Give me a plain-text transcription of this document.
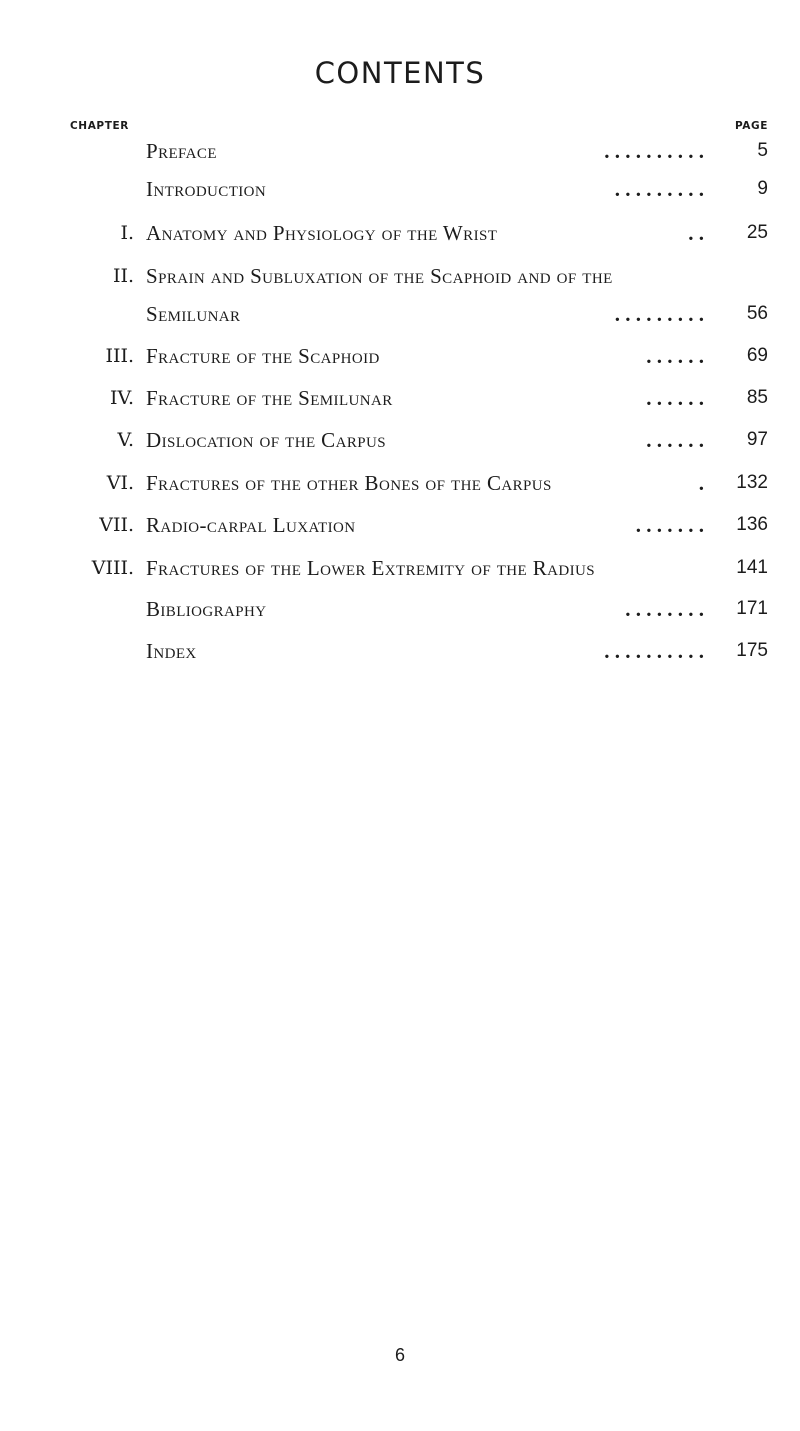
CONTENTS
CHAPTER	PAGE
Preface	. . . . . . . . . .	5
Introduction	. . . . . . . . .	9
I. Anatomy and Physiology of the Wrist	. .	25
II. Sprain and Subluxation of the Scaphoid and of the
Semilunar	. . . . . . . . .	56
III. Fracture of the Scaphoid	. . . . . .	69
IV. Fracture of the Semilunar	. . . . . .	85
V. Dislocation of the Carpus	. . . . . .	97
VI. Fractures of the other Bones of the Carpus	.	132
VII. Radio-carpal Luxation	. . . . . . .	136
VIII. Fractures of the Lower Extremity of the Radius	141
Bibliography	. . . . . . . .	171
Index	. . . . . . . . . .	175
6
